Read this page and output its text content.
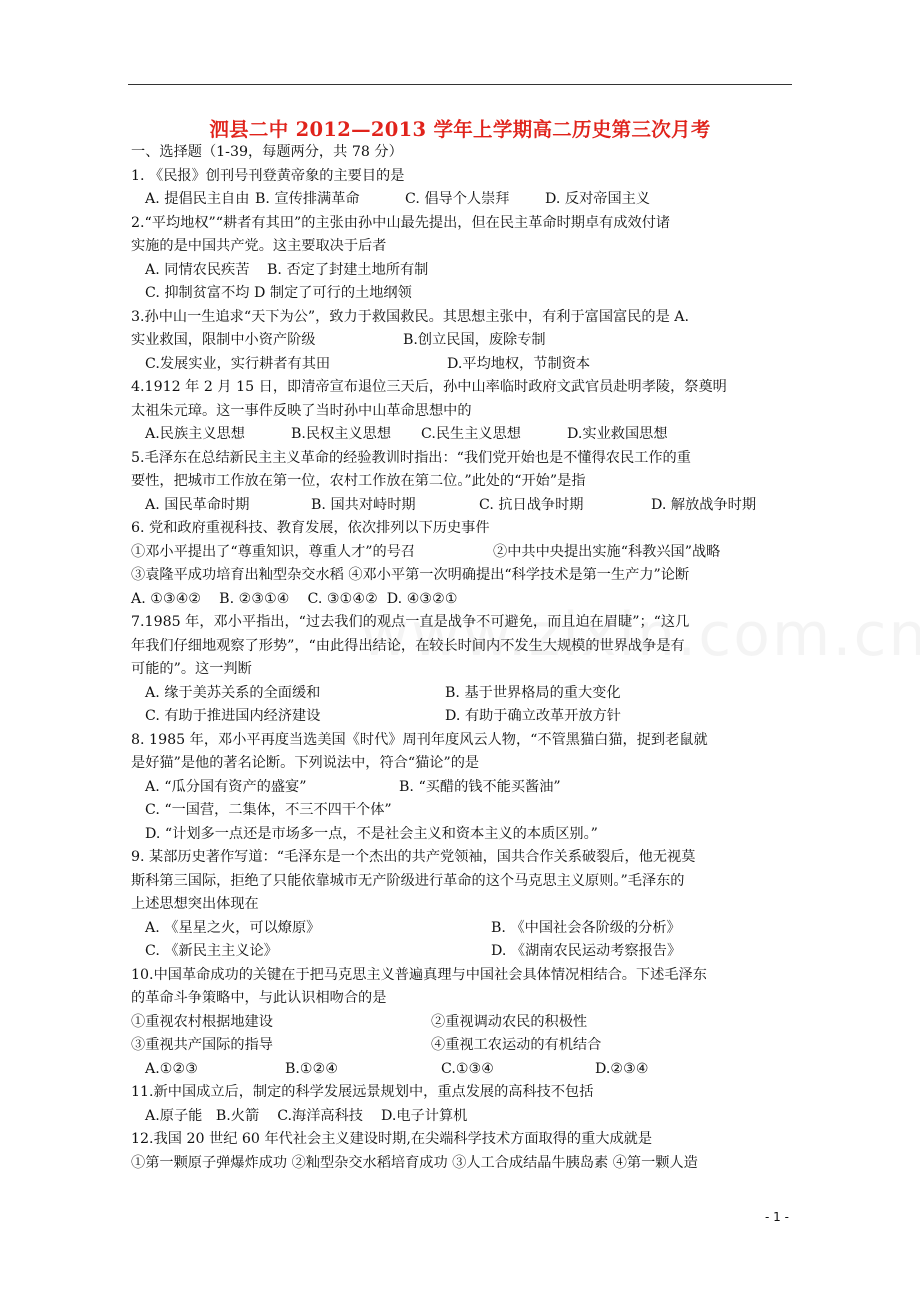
泗县二中 2012—2013 学年上学期高二历史第三次月考
一、选择题（1-39，每题两分，共 78 分）
1. 《民报》创刊号刊登黄帝象的主要目的是
A. 提倡民主自由 B. 宣传排满革命	C. 倡导个人崇拜	D. 反对帝国主义
2.“平均地权”“耕者有其田”的主张由孙中山最先提出，但在民主革命时期卓有成效付诸
实施的是中国共产党。这主要取决于后者
A. 同情农民疾苦	B. 否定了封建土地所有制
C. 抑制贫富不均 D 制定了可行的土地纲领
3.孙中山一生追求“天下为公”，致力于救国救民。其思想主张中，有利于富国富民的是 A.
实业救国，限制中小资产阶级	B.创立民国，废除专制
C.发展实业，实行耕者有其田	D.平均地权，节制资本
4.1912 年 2 月 15 日，即清帝宣布退位三天后，孙中山率临时政府文武官员赴明孝陵，祭奠明
太祖朱元璋。这一事件反映了当时孙中山革命思想中的
A.民族主义思想	B.民权主义思想	C.民生主义思想	D.实业救国思想
5.毛泽东在总结新民主主义革命的经验教训时指出：“我们党开始也是不懂得农民工作的重
要性，把城市工作放在第一位，农村工作放在第二位。”此处的“开始”是指
A. 国民革命时期	B. 国共对峙时期	C. 抗日战争时期	D. 解放战争时期
6. 党和政府重视科技、教育发展，依次排列以下历史事件
①邓小平提出了“尊重知识，尊重人才”的号召	②中共中央提出实施“科教兴国”战略
③袁隆平成功培育出籼型杂交水稻 ④邓小平第一次明确提出“科学技术是第一生产力”论断
A. ①③④②    B. ②③①④    C. ③①④②  D. ④③②①
7.1985 年，邓小平指出，“过去我们的观点一直是战争不可避免，而且迫在眉睫”；“这几
年我们仔细地观察了形势”，“由此得出结论，在较长时间内不发生大规模的世界战争是有
可能的”。这一判断
A. 缘于美苏关系的全面缓和	B. 基于世界格局的重大变化
C. 有助于推进国内经济建设	D. 有助于确立改革开放方针
8. 1985 年，邓小平再度当选美国《时代》周刊年度风云人物，“不管黑猫白猫，捉到老鼠就
是好猫”是他的著名论断。下列说法中，符合“猫论”的是
A. “瓜分国有资产的盛宴”	B. “买醋的钱不能买酱油”
C. “一国营，二集体，不三不四干个体”
D. “计划多一点还是市场多一点，不是社会主义和资本主义的本质区别。”
9. 某部历史著作写道：“毛泽东是一个杰出的共产党领袖，国共合作关系破裂后，他无视莫
斯科第三国际，拒绝了只能依靠城市无产阶级进行革命的这个马克思主义原则。”毛泽东的
上述思想突出体现在
A. 《星星之火，可以燎原》	B. 《中国社会各阶级的分析》
C. 《新民主主义论》	D. 《湖南农民运动考察报告》
10.中国革命成功的关键在于把马克思主义普遍真理与中国社会具体情况相结合。下述毛泽东
的革命斗争策略中，与此认识相吻合的是
①重视农村根据地建设	②重视调动农民的积极性
③重视共产国际的指导	④重视工农运动的有机结合
A.①②③	B.①②④	C.①③④	D.②③④
11.新中国成立后，制定的科学发展远景规划中，重点发展的高科技不包括
A.原子能   B.火箭    C.海洋高科技    D.电子计算机
12.我国 20 世纪 60 年代社会主义建设时期,在尖端科学技术方面取得的重大成就是
①第一颗原子弹爆炸成功 ②籼型杂交水稻培育成功 ③人工合成结晶牛胰岛素 ④第一颗人造
- 1 -
